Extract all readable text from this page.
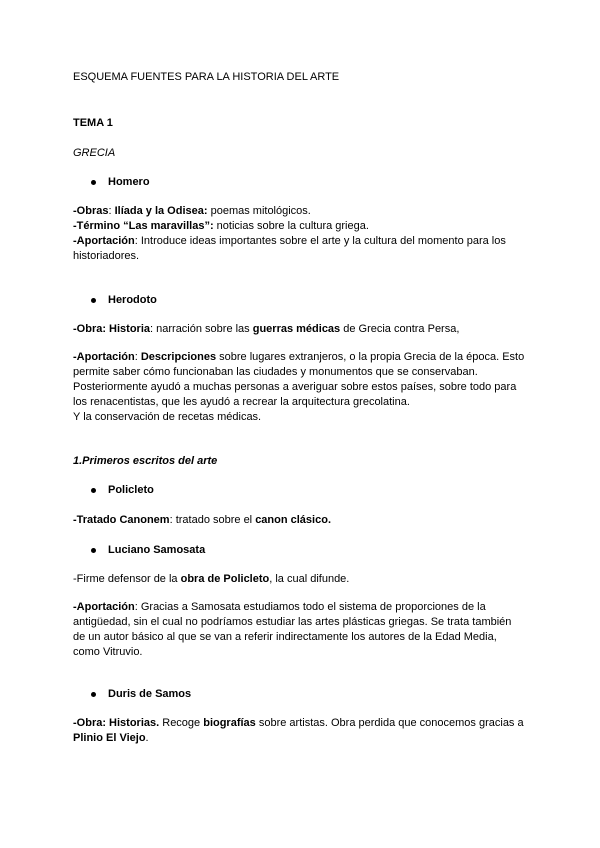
ESQUEMA FUENTES PARA LA HISTORIA DEL ARTE
TEMA 1
GRECIA
Homero
-Obras: Ilíada y la Odisea: poemas mitológicos.
-Término “Las maravillas”: noticias sobre la cultura griega.
-Aportación: Introduce ideas importantes sobre el arte y la cultura del momento para los
historiadores.
Herodoto
-Obra: Historia: narración sobre las guerras médicas de Grecia contra Persa,
-Aportación: Descripciones sobre lugares extranjeros, o la propia Grecia de la época. Esto
permite saber cómo funcionaban las ciudades y monumentos que se conservaban.
Posteriormente ayudó a muchas personas a averiguar sobre estos países, sobre todo para
los renacentistas, que les ayudó a recrear la arquitectura grecolatina.
Y la conservación de recetas médicas.
1.Primeros escritos del arte
Policleto
-Tratado Canonem: tratado sobre el canon clásico.
Luciano Samosata
-Firme defensor de la obra de Policleto, la cual difunde.
-Aportación: Gracias a Samosata estudiamos todo el sistema de proporciones de la
antigüedad, sin el cual no podríamos estudiar las artes plásticas griegas. Se trata también
de un autor básico al que se van a referir indirectamente los autores de la Edad Media,
como Vitruvio.
Duris de Samos
-Obra: Historias. Recoge biografías sobre artistas. Obra perdida que conocemos gracias a
Plinio El Viejo.
